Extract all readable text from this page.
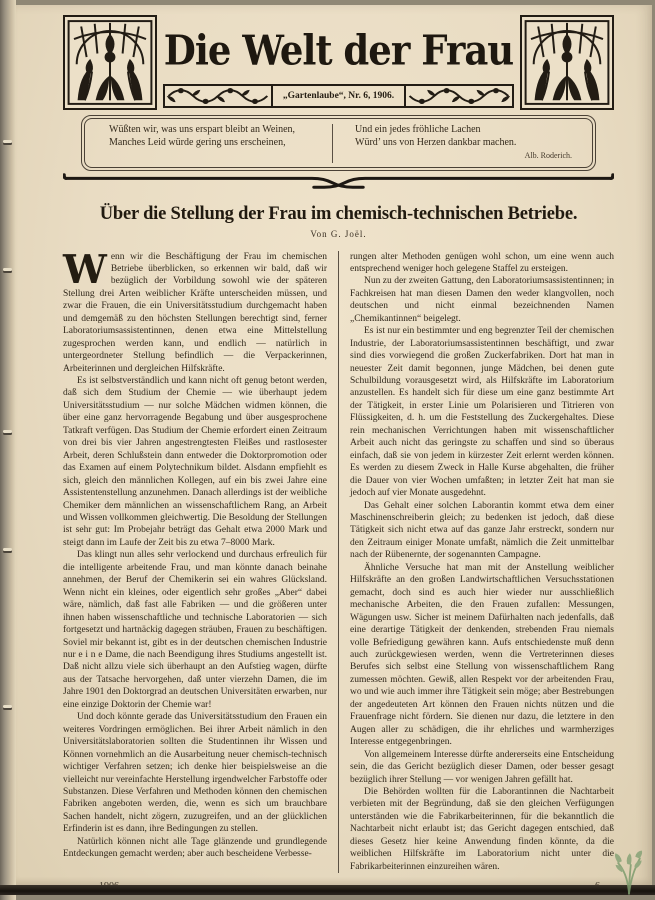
Die Welt der Frau
„Gartenlaube“, Nr. 6, 1906.
Wüßten wir, was uns erspart bleibt an Weinen,
Manches Leid würde gering uns erscheinen,
Und ein jedes fröhliche Lachen
Würd’ uns von Herzen dankbar machen.
Alb. Roderich.
Über die Stellung der Frau im chemisch-technischen Betriebe.
Von G. Joël.

Wenn wir die Beschäftigung der Frau im chemischen Betriebe überblicken, so erkennen wir bald, daß wir bezüglich der Vorbildung sowohl wie der späteren Stellung drei Arten weiblicher Kräfte unterscheiden müssen, und zwar die Frauen, die ein Universitätsstudium durchgemacht haben und demgemäß zu den höchsten Stellungen berechtigt sind, ferner Laboratoriumsassistentinnen, denen etwa eine Mittelstellung zugesprochen werden kann, und endlich — natürlich in untergeordneter Stellung befindlich — die Verpackerinnen, Arbeiterinnen und dergleichen Hilfskräfte.

Es ist selbstverständlich und kann nicht oft genug betont werden, daß sich dem Studium der Chemie — wie überhaupt jedem Universitätsstudium — nur solche Mädchen widmen können, die über eine ganz hervorragende Begabung und über ausgesprochene Tatkraft verfügen. Das Studium der Chemie erfordert einen Zeitraum von drei bis vier Jahren angestrengtesten Fleißes und rastlosester Arbeit, deren Schlußstein dann entweder die Doktorpromotion oder das Examen auf einem Polytechnikum bildet. Alsdann empfiehlt es sich, gleich den männlichen Kollegen, auf ein bis zwei Jahre eine Assistentenstellung anzunehmen. Danach allerdings ist der weibliche Chemiker dem männlichen an wissenschaftlichem Rang, an Arbeit und Wissen vollkommen gleichwertig. Die Besoldung der Stellungen ist sehr gut: Im Probejahr beträgt das Gehalt etwa 2000 Mark und steigt dann im Laufe der Zeit bis zu etwa 7–8000 Mark.

Das klingt nun alles sehr verlockend und durchaus erfreulich für die intelligente arbeitende Frau, und man könnte danach beinahe annehmen, der Beruf der Chemikerin sei ein wahres Glücksland. Wenn nicht ein kleines, oder eigentlich sehr großes „Aber“ dabei wäre, nämlich, daß fast alle Fabriken — und die größeren unter ihnen haben wissenschaftliche und technische Laboratorien — sich fortgesetzt und hartnäckig dagegen sträuben, Frauen zu beschäftigen. Soviel mir bekannt ist, gibt es in der deutschen chemischen Industrie nur e i n e Dame, die nach Beendigung ihres Studiums angestellt ist. Daß nicht allzu viele sich überhaupt an den Aufstieg wagen, dürfte aus der Tatsache hervorgehen, daß unter vierzehn Damen, die im Jahre 1901 den Doktorgrad an deutschen Universitäten erwarben, nur eine einzige Doktorin der Chemie war!

Und doch könnte gerade das Universitätsstudium den Frauen ein weiteres Vordringen ermöglichen. Bei ihrer Arbeit nämlich in den Universitätslaboratorien sollten die Studentinnen ihr Wissen und Können vornehmlich an die Ausarbeitung neuer chemisch-technisch wichtiger Verfahren setzen; ich denke hier beispielsweise an die vielleicht nur vereinfachte Herstellung irgendwelcher Farbstoffe oder Substanzen. Diese Verfahren und Methoden können den chemischen Fabriken angeboten werden, die, wenn es sich um brauchbare Sachen handelt, nicht zögern, zuzugreifen, und an der glücklichen Erfinderin ist es dann, ihre Bedingungen zu stellen.

Natürlich können nicht alle Tage glänzende und grundlegende Entdeckungen gemacht werden; aber auch bescheidene Verbesse-

rungen alter Methoden genügen wohl schon, um eine wenn auch entsprechend weniger hoch gelegene Staffel zu ersteigen.

Nun zu der zweiten Gattung, den Laboratoriumsassistentinnen; in Fachkreisen hat man diesen Damen den weder klangvollen, noch deutschen und nicht einmal bezeichnenden Namen „Chemikantinnen“ beigelegt.

Es ist nur ein bestimmter und eng begrenzter Teil der chemischen Industrie, der Laboratoriumsassistentinnen beschäftigt, und zwar sind dies vorwiegend die großen Zuckerfabriken. Dort hat man in neuester Zeit damit begonnen, junge Mädchen, bei denen gute Schulbildung vorausgesetzt wird, als Hilfskräfte im Laboratorium anzustellen. Es handelt sich für diese um eine ganz bestimmte Art der Tätigkeit, in erster Linie um Polarisieren und Titrieren von Flüssigkeiten, d. h. um die Feststellung des Zuckergehaltes. Diese rein mechanischen Verrichtungen haben mit wissenschaftlicher Arbeit auch nicht das geringste zu schaffen und sind so überaus einfach, daß sie von jedem in kürzester Zeit erlernt werden können. Es werden zu diesem Zweck in Halle Kurse abgehalten, die früher die Dauer von vier Wochen umfaßten; in letzter Zeit hat man sie jedoch auf vier Monate ausgedehnt.

Das Gehalt einer solchen Laborantin kommt etwa dem einer Maschinenschreiberin gleich; zu bedenken ist jedoch, daß diese Tätigkeit sich nicht etwa auf das ganze Jahr erstreckt, sondern nur den Zeitraum einiger Monate umfaßt, nämlich die Zeit unmittelbar nach der Rübenernte, der sogenannten Campagne.

Ähnliche Versuche hat man mit der Anstellung weiblicher Hilfskräfte an den großen Landwirtschaftlichen Versuchsstationen gemacht, doch sind es auch hier wieder nur ausschließlich mechanische Arbeiten, die den Frauen zufallen: Messungen, Wägungen usw. Sicher ist meinem Dafürhalten nach jedenfalls, daß eine derartige Tätigkeit der denkenden, strebenden Frau niemals volle Befriedigung gewähren kann. Aufs entschiedenste muß denn auch zurückgewiesen werden, wenn die Vertreterinnen dieses Berufes sich selbst eine Stellung von wissenschaftlichem Rang zumessen möchten. Gewiß, allen Respekt vor der arbeitenden Frau, wo und wie auch immer ihre Tätigkeit sein möge; aber Bestrebungen der angedeuteten Art können den Frauen nichts nützen und die Frauenfrage nicht fördern. Sie dienen nur dazu, die letztere in den Augen aller zu schädigen, die ihr ehrliches und warmherziges Interesse entgegenbringen.

Von allgemeinem Interesse dürfte andererseits eine Entscheidung sein, die das Gericht bezüglich dieser Damen, oder besser gesagt bezüglich ihrer Stellung — vor wenigen Jahren gefällt hat.

Die Behörden wollten für die Laborantinnen die Nachtarbeit verbieten mit der Begründung, daß sie den gleichen Verfügungen unterständen wie die Fabrikarbeiterinnen, für die bekanntlich die Nachtarbeit nicht erlaubt ist; das Gericht dagegen entschied, daß dieses Gesetz hier keine Anwendung finden könnte, da die weiblichen Hilfskräfte im Laboratorium nicht unter die Fabrikarbeiterinnen einzureihen wären.
